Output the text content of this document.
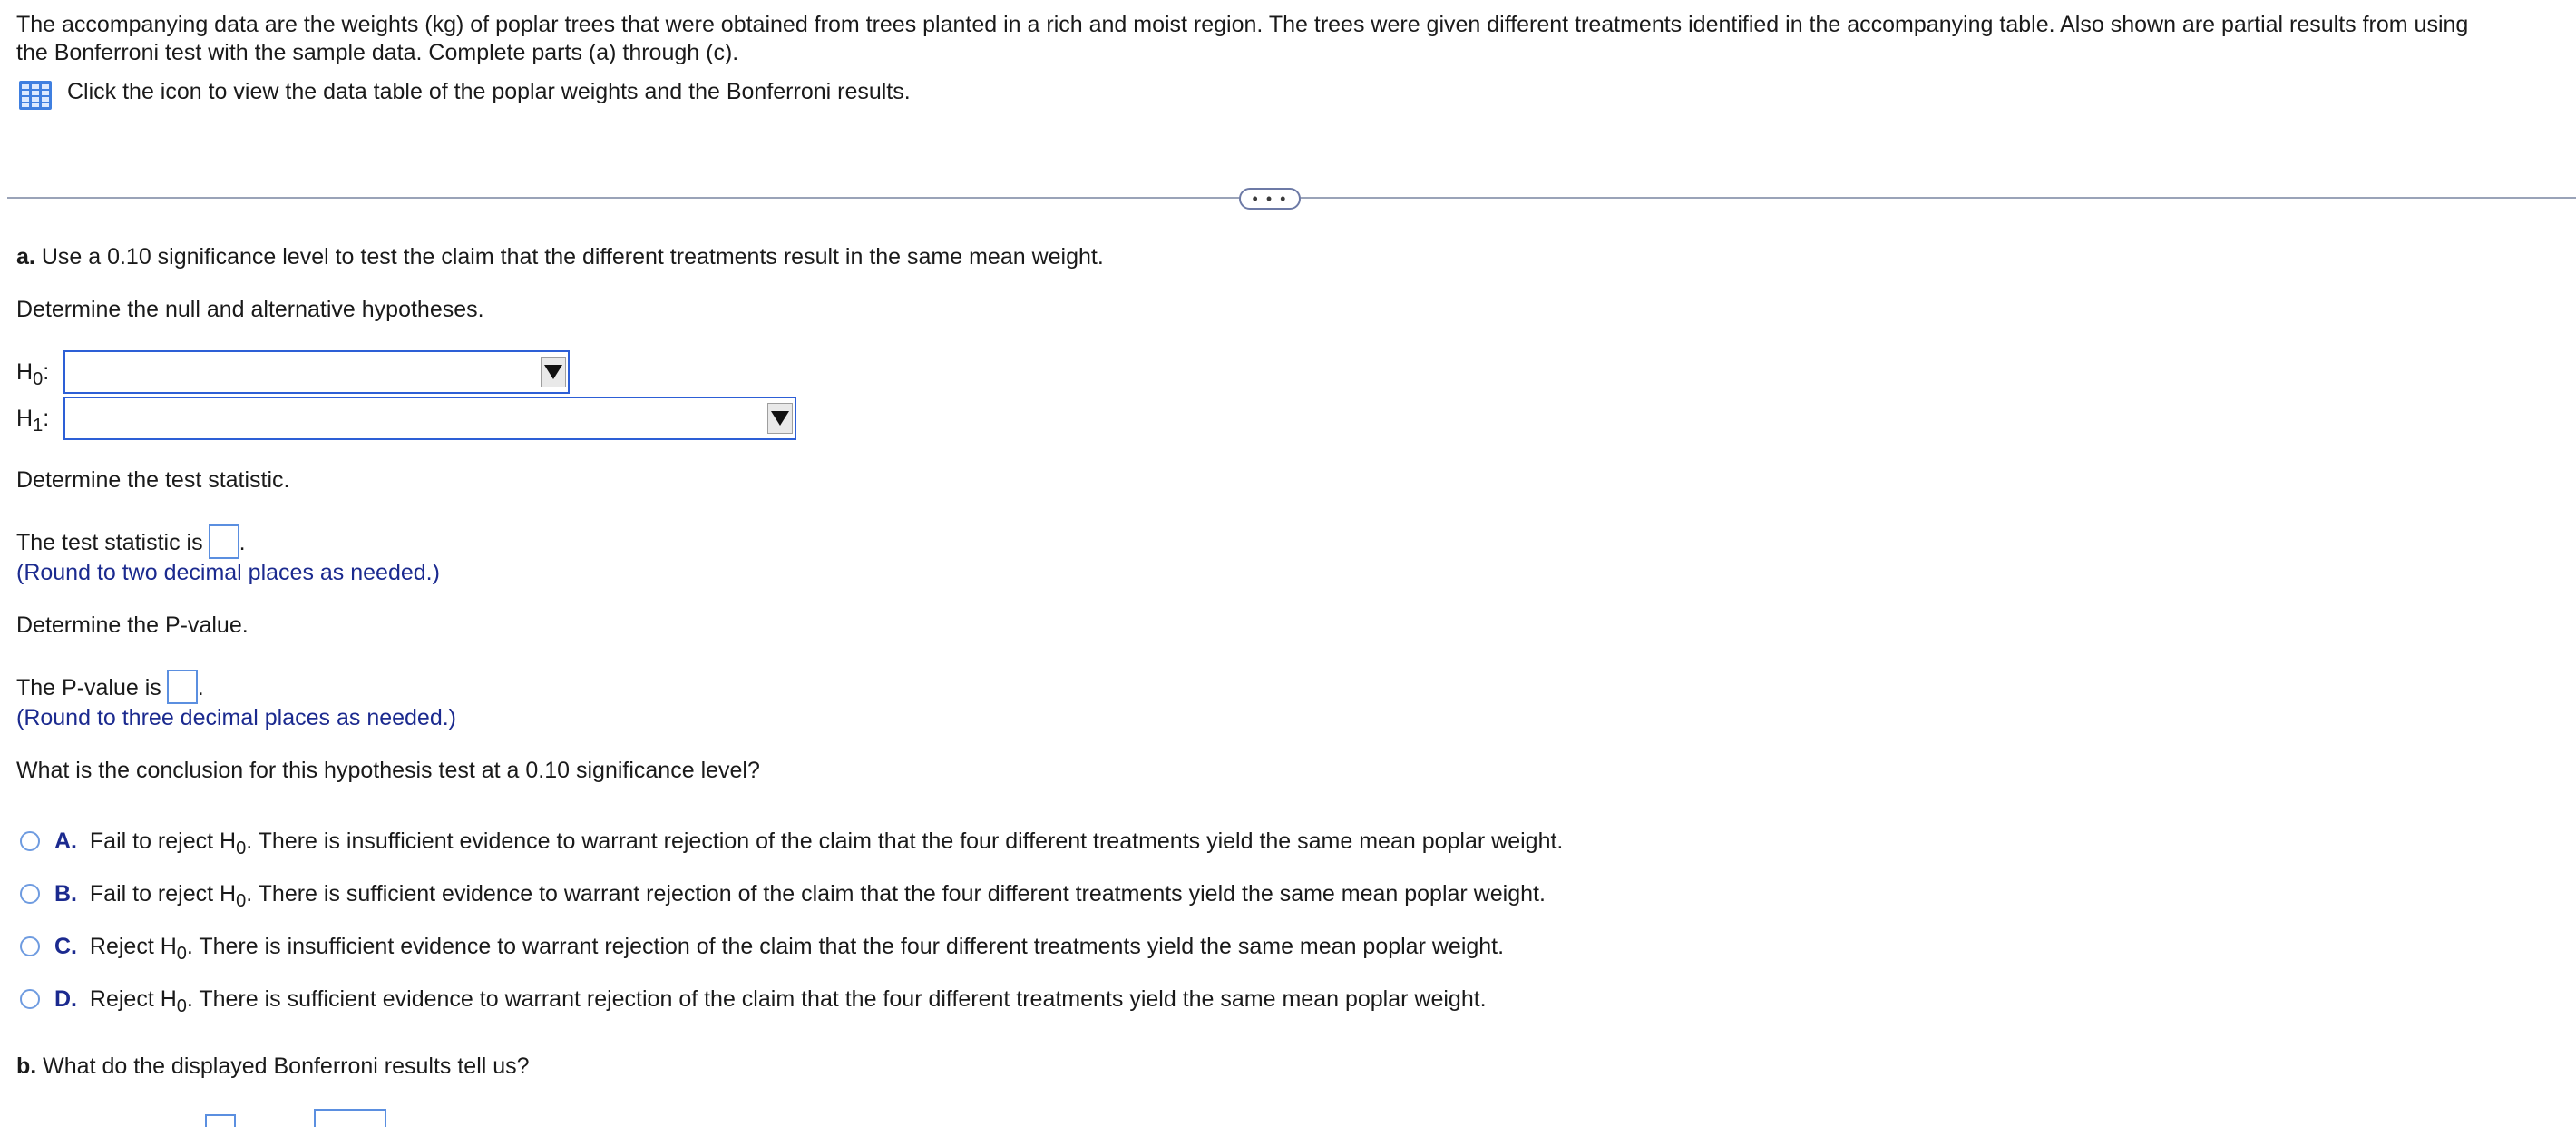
The accompanying data are the weights (kg) of poplar trees that were obtained from trees planted in a rich and moist region. The trees were given different treatments identified in the accompanying table. Also shown are partial results from using
the Bonferroni test with the sample data. Complete parts (a) through (c).
Click the icon to view the data table of the poplar weights and the Bonferroni results.
• • •
a. Use a 0.10 significance level to test the claim that the different treatments result in the same mean weight.
Determine the null and alternative hypotheses.
$H_0$:
$H_1$:
Determine the test statistic.
The test statistic is .
(Round to two decimal places as needed.)
Determine the P-value.
The P-value is .
(Round to three decimal places as needed.)
What is the conclusion for this hypothesis test at a 0.10 significance level?
A. Fail to reject $H_0$. There is insufficient evidence to warrant rejection of the claim that the four different treatments yield the same mean poplar weight.
B. Fail to reject $H_0$. There is sufficient evidence to warrant rejection of the claim that the four different treatments yield the same mean poplar weight.
C. Reject $H_0$. There is insufficient evidence to warrant rejection of the claim that the four different treatments yield the same mean poplar weight.
D. Reject $H_0$. There is sufficient evidence to warrant rejection of the claim that the four different treatments yield the same mean poplar weight.
b. What do the displayed Bonferroni results tell us?
